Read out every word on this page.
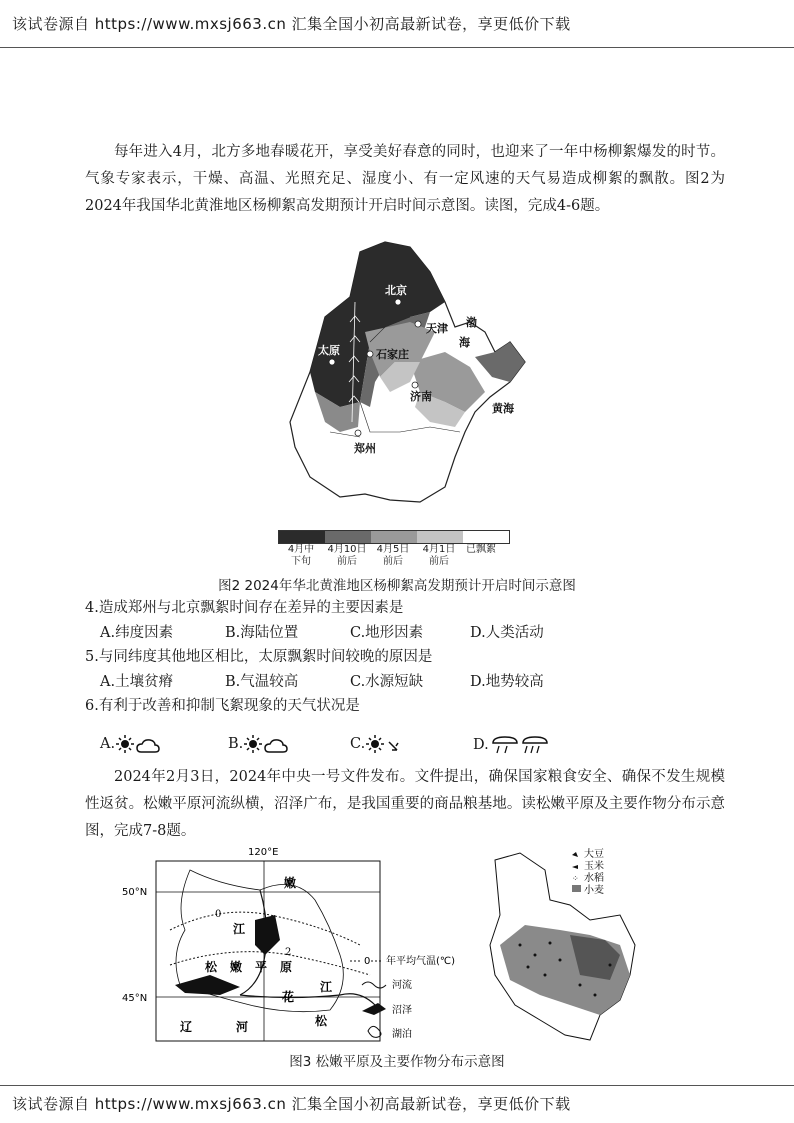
该试卷源自 https://www.mxsj663.cn 汇集全国小初高最新试卷，享更低价下载

每年进入4月，北方多地春暖花开，享受美好春意的同时，也迎来了一年中杨柳絮爆发的时节。气象专家表示，干燥、高温、光照充足、湿度小、有一定风速的天气易造成柳絮的飘散。图2为2024年我国华北黄淮地区杨柳絮高发期预计开启时间示意图。读图，完成4-6题。

北京
天津
太原	石家庄
济南
郑州
渤
海
黄海
4月中
下旬
4月10日
前后
4月5日
前后
4月1日
前后
已飘絮
图2 2024年华北黄淮地区杨柳絮高发期预计开启时间示意图

4.造成郑州与北京飘絮时间存在差异的主要因素是

A.纬度因素	B.海陆位置	C.地形因素	D.人类活动

5.与同纬度其他地区相比，太原飘絮时间较晚的原因是

A.土壤贫瘠	B.气温较高	C.水源短缺	D.地势较高

6.有利于改善和抑制飞絮现象的天气状况是

A.	B.	C.	D.

2024年2月3日，2024年中央一号文件发布。文件提出，确保国家粮食安全、确保不发生规模性返贫。松嫩平原河流纵横，沼泽广布，是我国重要的商品粮基地。读松嫩平原及主要作物分布示意图，完成7-8题。

120°E
50°N
45°N
0
2
嫩
江
松 嫩 平 原
江
花
松
辽	河
0 年平均气温(℃)
河流
沼泽
湖泊
大豆
玉米
⁘ 水稻
小麦
图3 松嫩平原及主要作物分布示意图
该试卷源自 https://www.mxsj663.cn 汇集全国小初高最新试卷，享更低价下载
